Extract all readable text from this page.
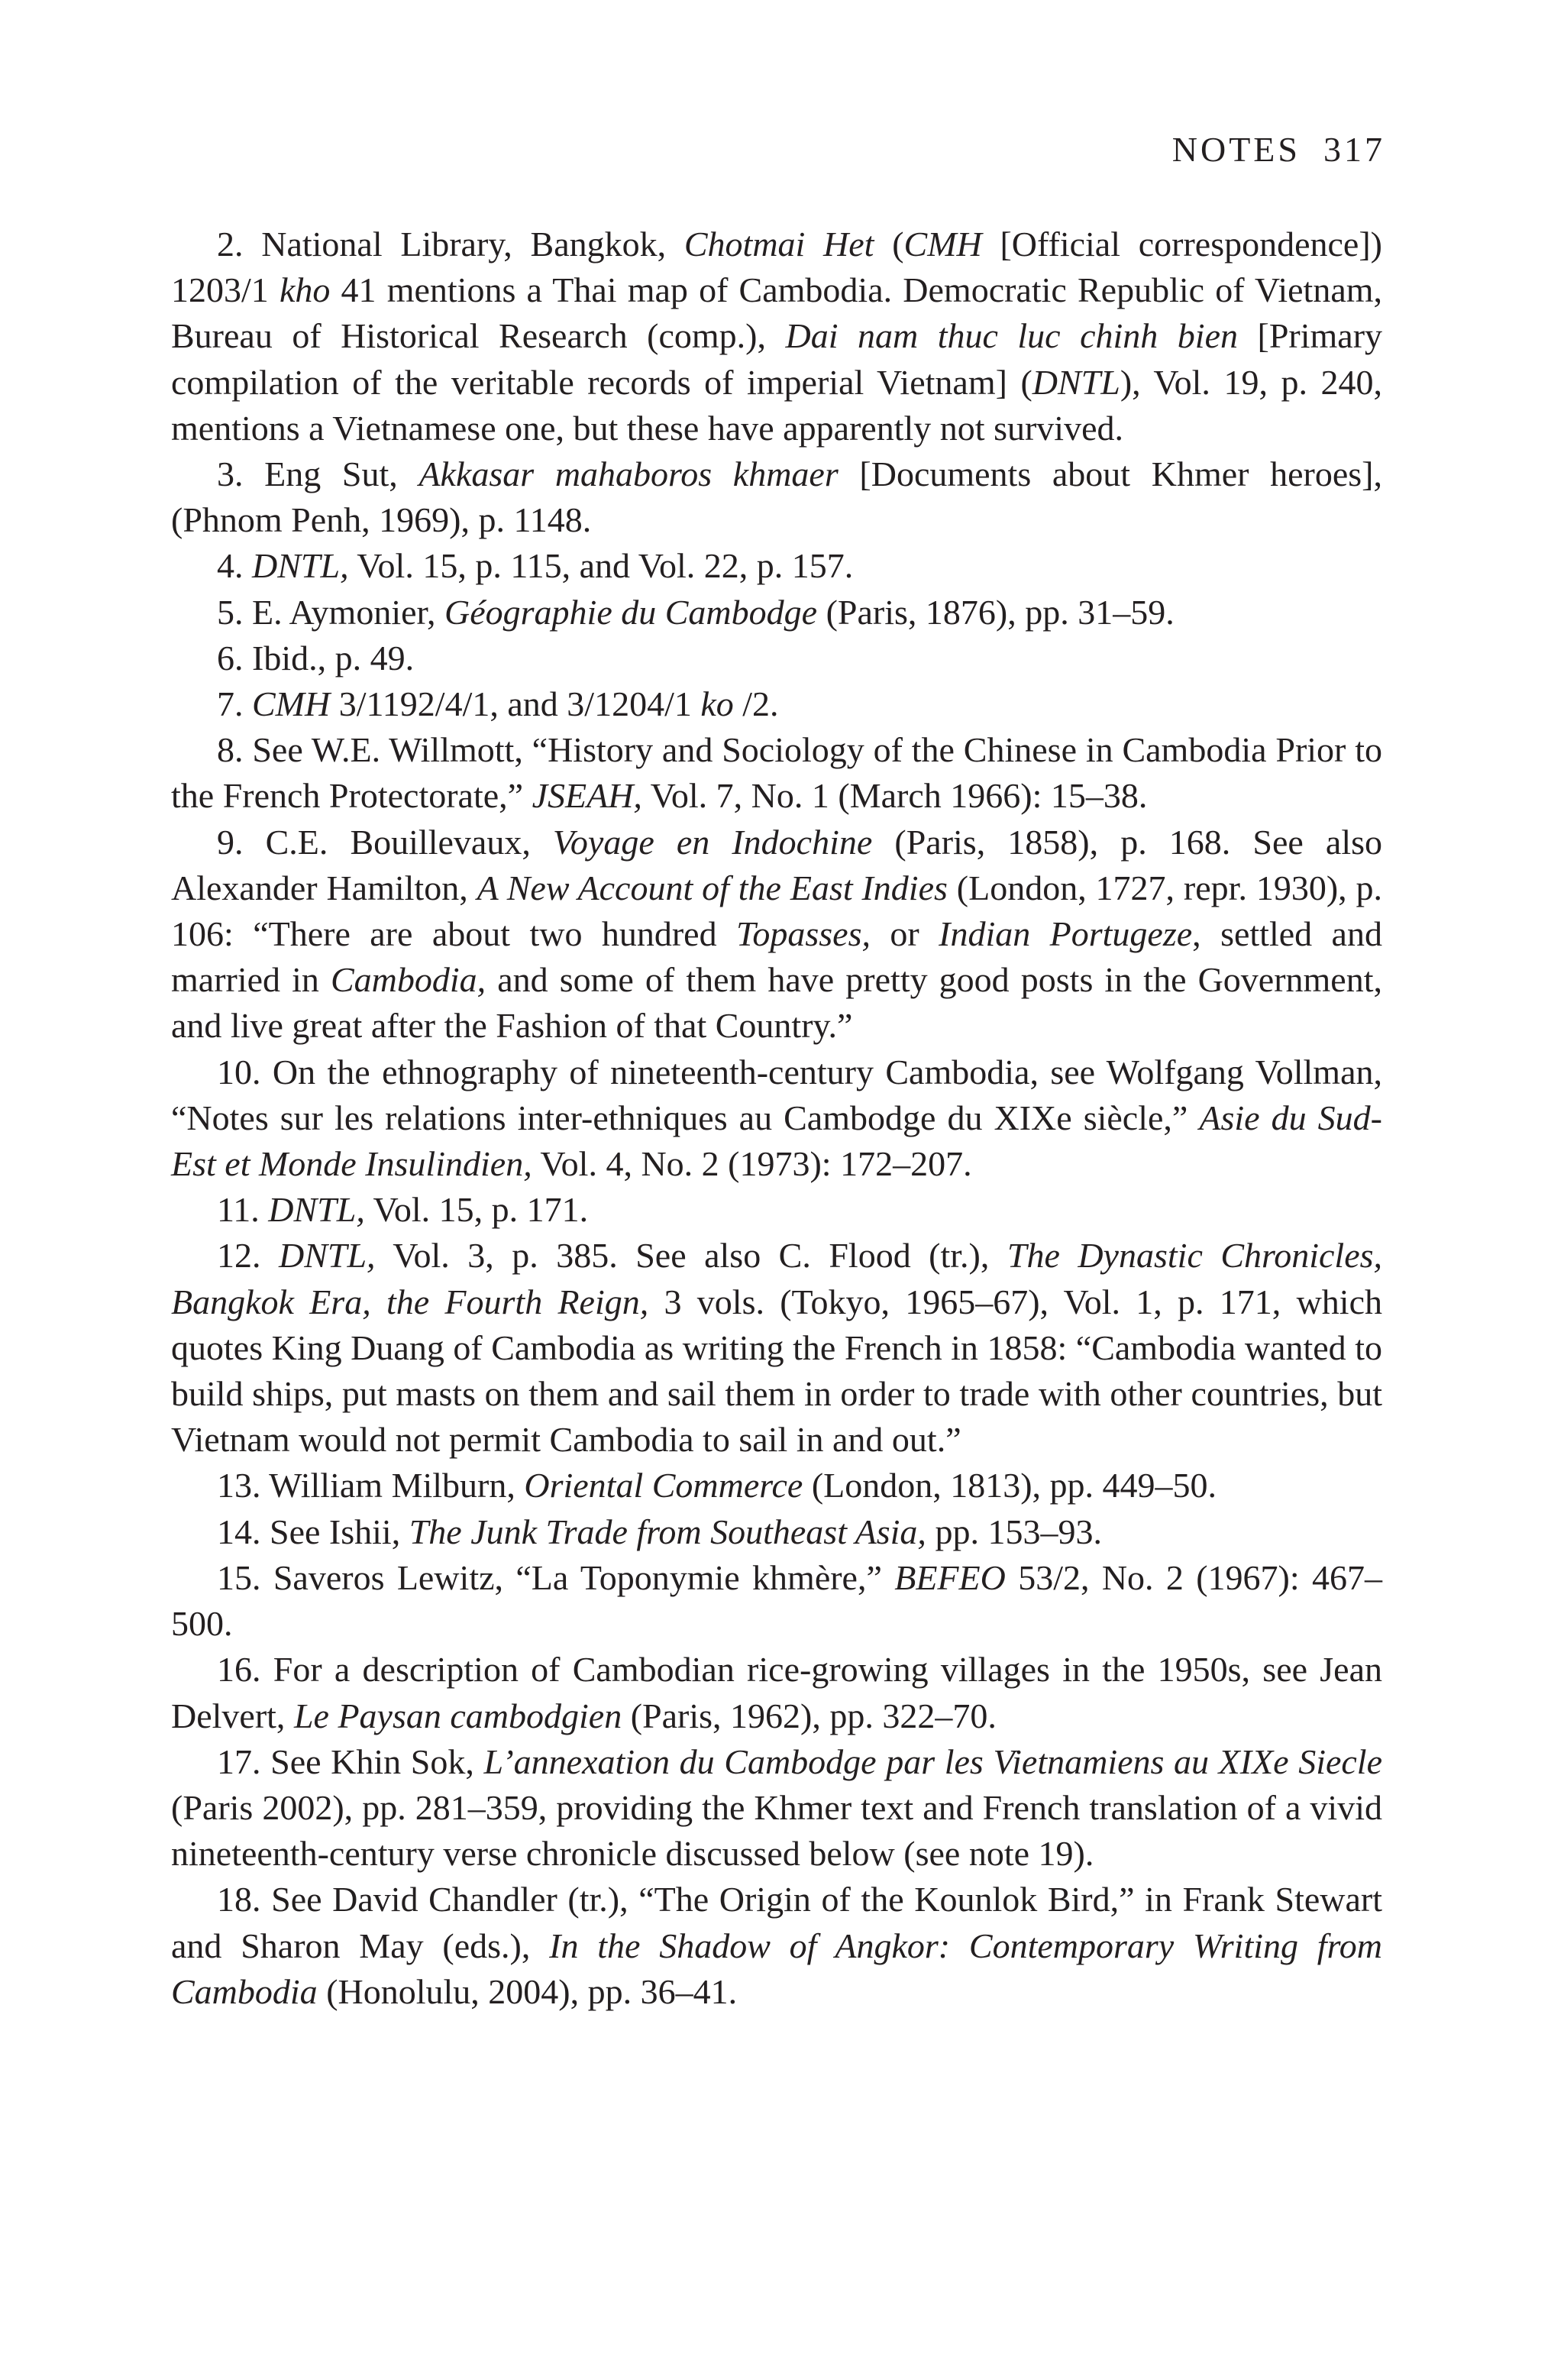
NOTES 317

2. National Library, Bangkok, Chotmai Het (CMH [Official correspondence]) 1203/1 kho 41 mentions a Thai map of Cambodia. Democratic Republic of Vietnam, Bureau of Historical Research (comp.), Dai nam thuc luc chinh bien [Primary compilation of the veritable records of imperial Vietnam] (DNTL), Vol. 19, p. 240, mentions a Vietnamese one, but these have apparently not survived.

3. Eng Sut, Akkasar mahaboros khmaer [Documents about Khmer heroes], (Phnom Penh, 1969), p. 1148.

4. DNTL, Vol. 15, p. 115, and Vol. 22, p. 157.

5. E. Aymonier, Géographie du Cambodge (Paris, 1876), pp. 31–59.

6. Ibid., p. 49.

7. CMH 3/1192/4/1, and 3/1204/1 ko /2.

8. See W.E. Willmott, “History and Sociology of the Chinese in Cambodia Prior to the French Protectorate,” JSEAH, Vol. 7, No. 1 (March 1966): 15–38.

9. C.E. Bouillevaux, Voyage en Indochine (Paris, 1858), p. 168. See also Alexander Hamilton, A New Account of the East Indies (London, 1727, repr. 1930), p. 106: “There are about two hundred Topasses, or Indian Portugeze, settled and married in Cambodia, and some of them have pretty good posts in the Government, and live great after the Fashion of that Country.”

10. On the ethnography of nineteenth-century Cambodia, see Wolfgang Vollman, “Notes sur les relations inter-ethniques au Cambodge du XIXe siècle,” Asie du Sud-Est et Monde Insulindien, Vol. 4, No. 2 (1973): 172–207.

11. DNTL, Vol. 15, p. 171.

12. DNTL, Vol. 3, p. 385. See also C. Flood (tr.), The Dynastic Chronicles, Bangkok Era, the Fourth Reign, 3 vols. (Tokyo, 1965–67), Vol. 1, p. 171, which quotes King Duang of Cambodia as writing the French in 1858: “Cambodia wanted to build ships, put masts on them and sail them in order to trade with other countries, but Vietnam would not permit Cambodia to sail in and out.”

13. William Milburn, Oriental Commerce (London, 1813), pp. 449–50.

14. See Ishii, The Junk Trade from Southeast Asia, pp. 153–93.

15. Saveros Lewitz, “La Toponymie khmère,” BEFEO 53/2, No. 2 (1967): 467–500.

16. For a description of Cambodian rice-growing villages in the 1950s, see Jean Delvert, Le Paysan cambodgien (Paris, 1962), pp. 322–70.

17. See Khin Sok, L’annexation du Cambodge par les Vietnamiens au XIXe Siecle (Paris 2002), pp. 281–359, providing the Khmer text and French translation of a vivid nineteenth-century verse chronicle discussed below (see note 19).

18. See David Chandler (tr.), “The Origin of the Kounlok Bird,” in Frank Stewart and Sharon May (eds.), In the Shadow of Angkor: Contemporary Writing from Cambodia (Honolulu, 2004), pp. 36–41.
